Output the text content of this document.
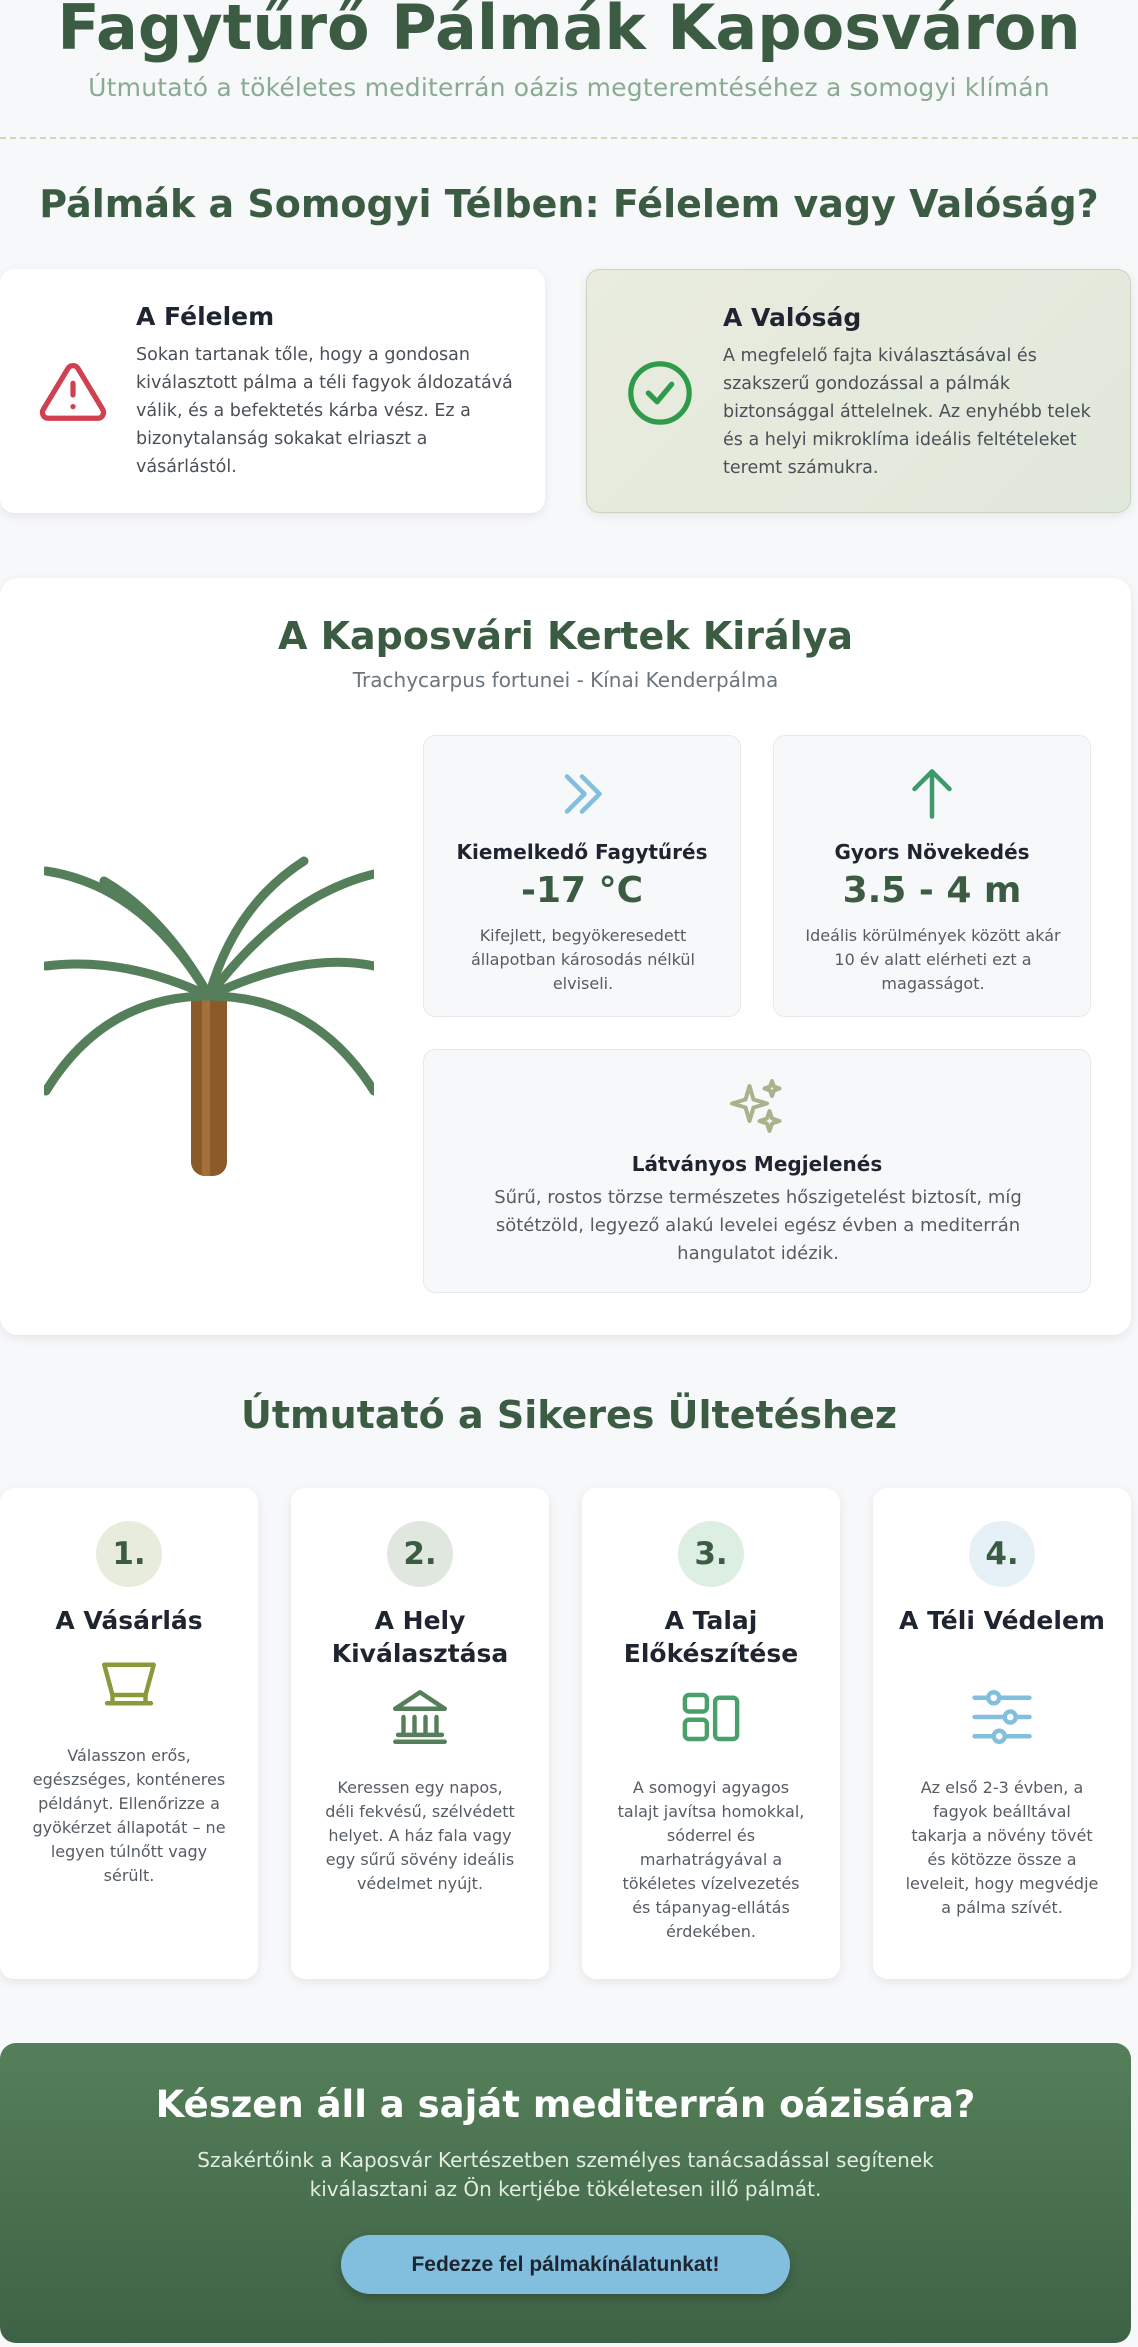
Fagytűrő Pálmák Kaposváron
Útmutató a tökéletes mediterrán oázis megteremtéséhez a somogyi klímán
Pálmák a Somogyi Télben: Félelem vagy Valóság?
A Félelem
Sokan tartanak tőle, hogy a gondosan kiválasztott pálma a téli fagyok áldozatává válik, és a befektetés kárba vész. Ez a bizonytalanság sokakat elriaszt a vásárlástól.
A Valóság
A megfelelő fajta kiválasztásával és szakszerű gondozással a pálmák biztonsággal áttelelnek. Az enyhébb telek és a helyi mikroklíma ideális feltételeket teremt számukra.
A Kaposvári Kertek Királya
Trachycarpus fortunei - Kínai Kenderpálma
Kiemelkedő Fagytűrés
-17 °C
Kifejlett, begyökeresedett állapotban károsodás nélkül elviseli.
Gyors Növekedés
3.5 - 4 m
Ideális körülmények között akár 10 év alatt elérheti ezt a magasságot.
Látványos Megjelenés
Sűrű, rostos törzse természetes hőszigetelést biztosít, míg sötétzöld, legyező alakú levelei egész évben a mediterrán hangulatot idézik.
Útmutató a Sikeres Ültetéshez
1.
A Vásárlás
Válasszon erős, egészséges, konténeres példányt. Ellenőrizze a gyökérzet állapotát – ne legyen túlnőtt vagy sérült.
2.
A Hely Kiválasztása
Keressen egy napos, déli fekvésű, szélvédett helyet. A ház fala vagy egy sűrű sövény ideális védelmet nyújt.
3.
A Talaj Előkészítése
A somogyi agyagos talajt javítsa homokkal, sóderrel és marhatrágyával a tökéletes vízelvezetés és tápanyag-ellátás érdekében.
4.
A Téli Védelem
Az első 2-3 évben, a fagyok beálltával takarja a növény tövét és kötözze össze a leveleit, hogy megvédje a pálma szívét.
Készen áll a saját mediterrán oázisára?

Szakértőink a Kaposvár Kertészetben személyes tanácsadással segítenek kiválasztani az Ön kertjébe tökéletesen illő pálmát.

Fedezze fel pálmakínálatunkat!
